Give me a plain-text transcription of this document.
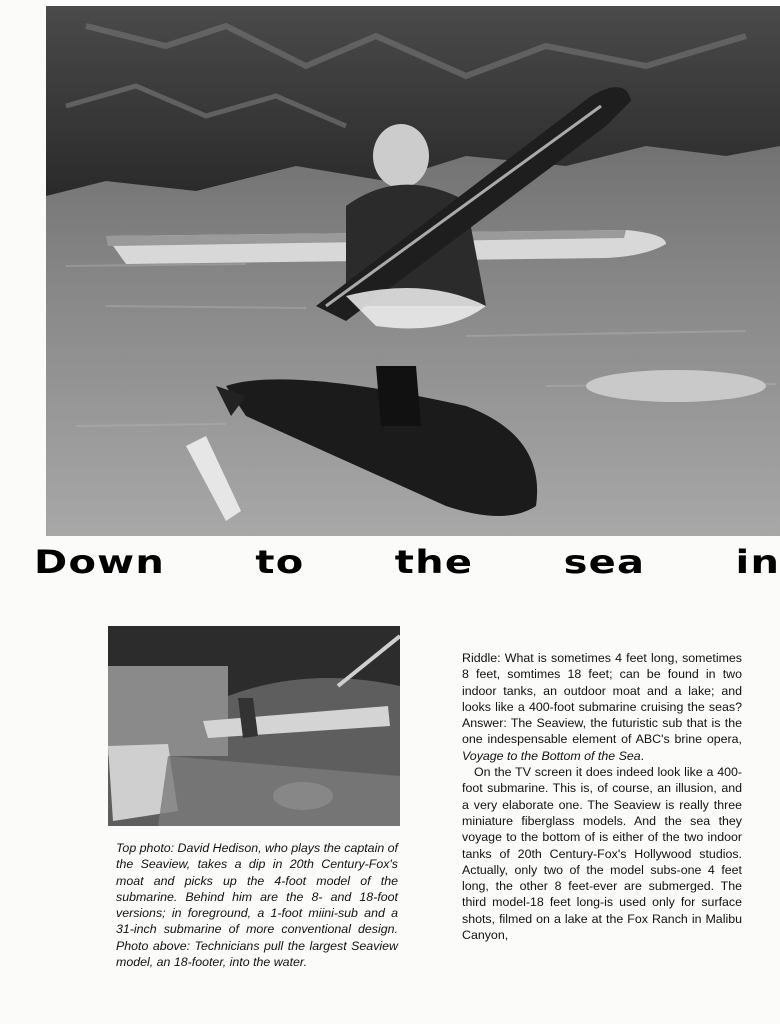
Down	to	the	sea	in

Top photo: David Hedison, who plays the captain of the Seaview, takes a dip in 20th Century-Fox's moat and picks up the 4-foot model of the submarine. Behind him are the 8- and 18-foot versions; in foreground, a 1-foot miini-sub and a 31-inch submarine of more conventional design. Photo above: Technicians pull the largest Seaview model, an 18-footer, into the water.

Riddle: What is sometimes 4 feet long, sometimes 8 feet, somtimes 18 feet; can be found in two indoor tanks, an outdoor moat and a lake; and looks like a 400-foot submarine cruising the seas? Answer: The Seaview, the futuristic sub that is the one indespensable element of ABC's brine opera, Voyage to the Bottom of the Sea.

On the TV screen it does indeed look like a 400-foot submarine. This is, of course, an illusion, and a very elaborate one. The Seaview is really three miniature fiberglass models. And the sea they voyage to the bottom of is either of the two indoor tanks of 20th Century-Fox's Hollywood studios. Actually, only two of the model subs-one 4 feet long, the other 8 feet-ever are submerged. The third model-18 feet long-is used only for surface shots, filmed on a lake at the Fox Ranch in Malibu Canyon,
